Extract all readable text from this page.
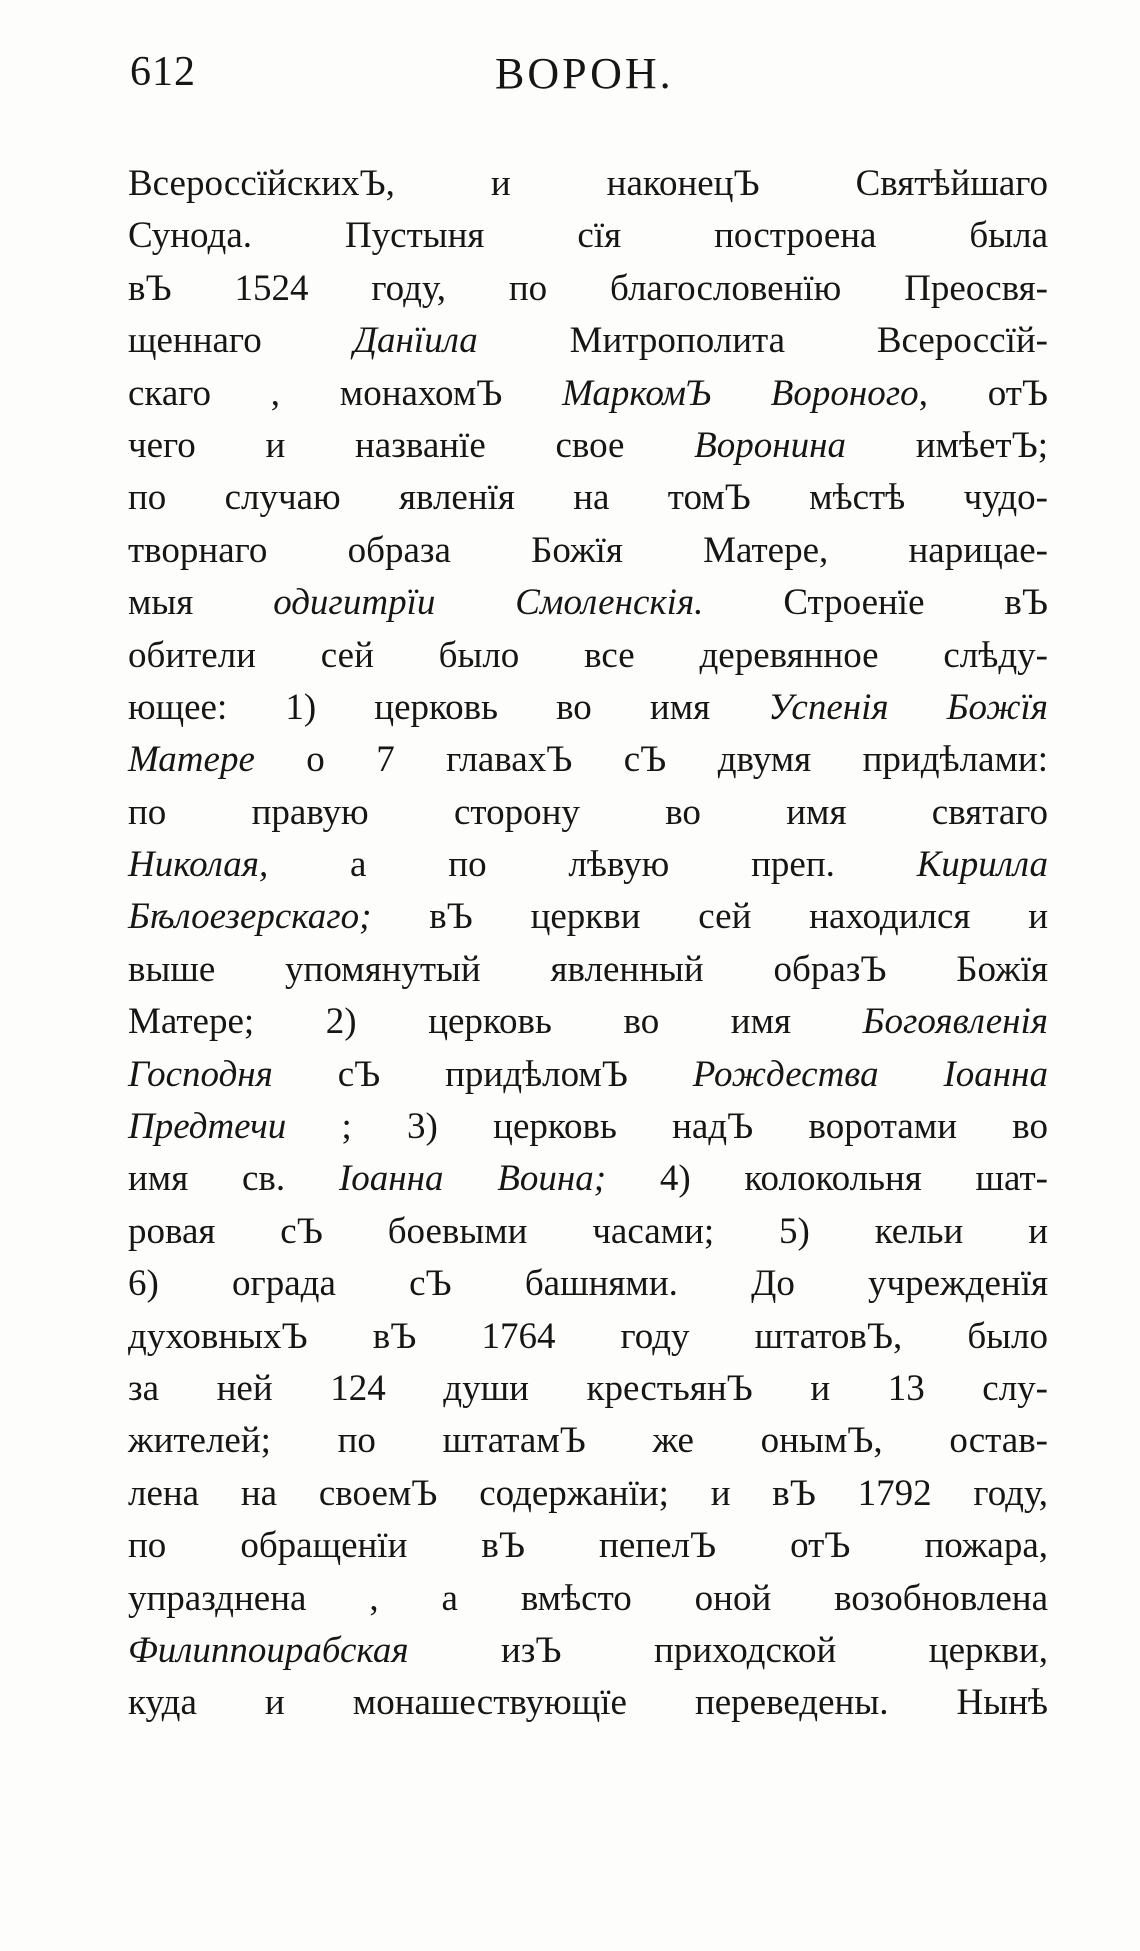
612	ВОРОН.
ВсероссїйскихЪ, и наконецЪ Святѣйшаго
Сунода. Пустыня сїя построена была
вЪ 1524 году, по благословенїю Преосвя-
щеннаго Данїила Митрополита Всероссїй-
скаго , монахомЪ МаркомЪ Вороного, отЪ
чего и названїе свое Воронина имѣетЪ;
по случаю явленїя на томЪ мѣстѣ чудо-
творнаго образа Божїя Матере, нарицае-
мыя одигитрїи Смоленскія. Строенїе вЪ
обители сей было все деревянное слѣду-
ющее: 1) церковь во имя Успенія Божїя
Матере о 7 главахЪ сЪ двумя придѣлами:
по правую сторону во имя святаго
Николая, а по лѣвую преп. Кирилла
Бѣлоезерскаго; вЪ церкви сей находился и
выше упомянутый явленный образЪ Божїя
Матере; 2) церковь во имя Богоявленія
Господня сЪ придѣломЪ Рождества Іоанна
Предтечи ; 3) церковь надЪ воротами во
имя св. Іоанна Воина; 4) колокольня шат-
ровая сЪ боевыми часами; 5) кельи и
6) ограда сЪ башнями. До учрежденїя
духовныхЪ вЪ 1764 году штатовЪ, было
за ней 124 души крестьянЪ и 13 слу-
жителей; по штатамЪ же онымЪ, остав-
лена на своемЪ содержанїи; и вЪ 1792 году,
по обращенїи вЪ пепелЪ отЪ пожара,
упразднена , а вмѣсто оной возобновлена
Филиппоирабская изЪ приходской церкви,
куда и монашествующїе переведены. Нынѣ
